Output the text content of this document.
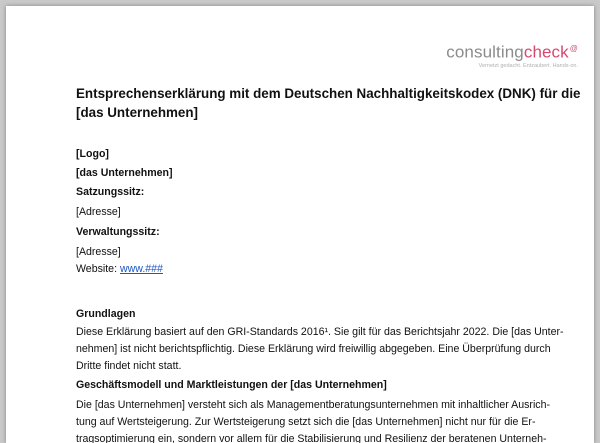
consultingcheck@
Vernetzt gedacht. Entzaubert. Hands-on.
Entsprechenserklärung mit dem Deutschen Nachhaltigkeitskodex (DNK) für die
[das Unternehmen]
[Logo]
[das Unternehmen]
Satzungssitz:
[Adresse]
Verwaltungssitz:
[Adresse]
Website: www.###
Grundlagen
Diese Erklärung basiert auf den GRI-Standards 2016¹. Sie gilt für das Berichtsjahr 2022. Die [das Unter-
nehmen] ist nicht berichtspflichtig. Diese Erklärung wird freiwillig abgegeben. Eine Überprüfung durch
Dritte findet nicht statt.
Geschäftsmodell und Marktleistungen der [das Unternehmen]
Die [das Unternehmen] versteht sich als Managementberatungsunternehmen mit inhaltlicher Ausrich-
tung auf Wertsteigerung. Zur Wertsteigerung setzt sich die [das Unternehmen] nicht nur für die Er-
tragsoptimierung ein, sondern vor allem für die Stabilisierung und Resilienz der beratenen Unterneh-
